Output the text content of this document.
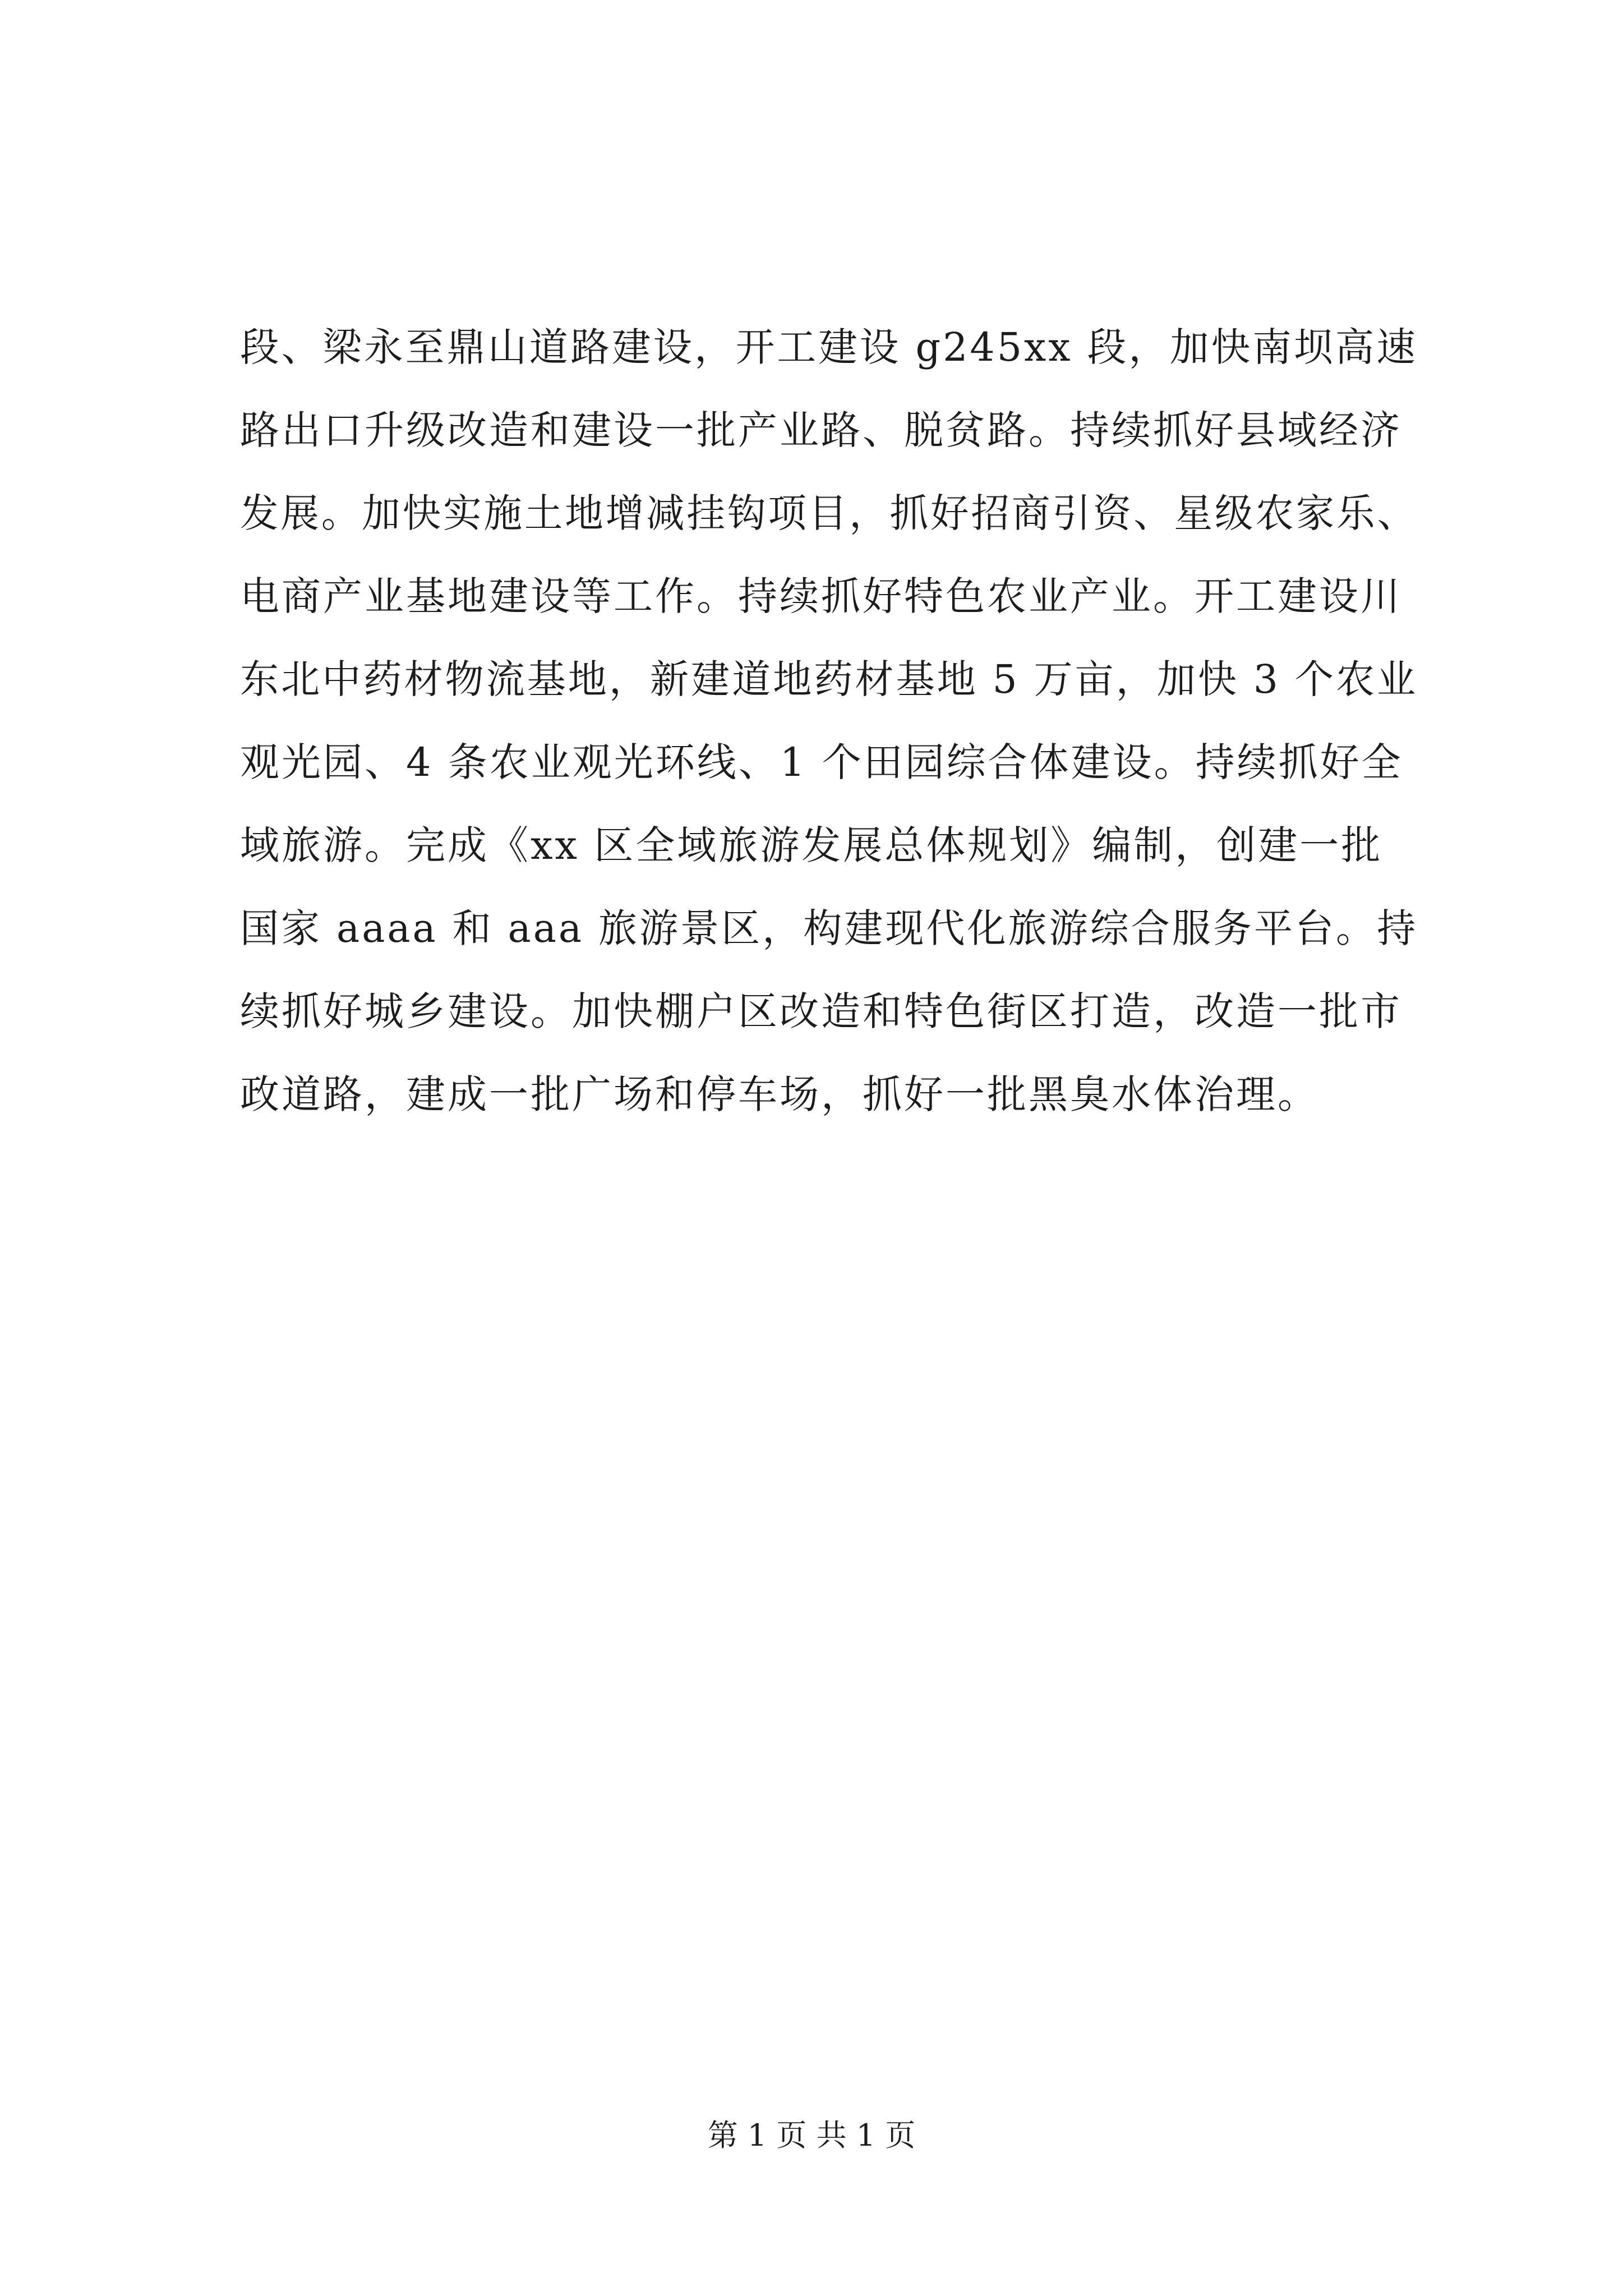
段、梁永至鼎山道路建设，开工建设 g245xx 段，加快南坝高速
路出口升级改造和建设一批产业路、脱贫路。持续抓好县域经济
发展。加快实施土地增减挂钩项目，抓好招商引资、星级农家乐、
电商产业基地建设等工作。持续抓好特色农业产业。开工建设川
东北中药材物流基地，新建道地药材基地 5 万亩，加快 3 个农业
观光园、4 条农业观光环线、1 个田园综合体建设。持续抓好全
域旅游。完成《xx 区全域旅游发展总体规划》编制，创建一批
国家 aaaa 和 aaa 旅游景区，构建现代化旅游综合服务平台。持
续抓好城乡建设。加快棚户区改造和特色街区打造，改造一批市
政道路，建成一批广场和停车场，抓好一批黑臭水体治理。
第 1 页 共 1 页
